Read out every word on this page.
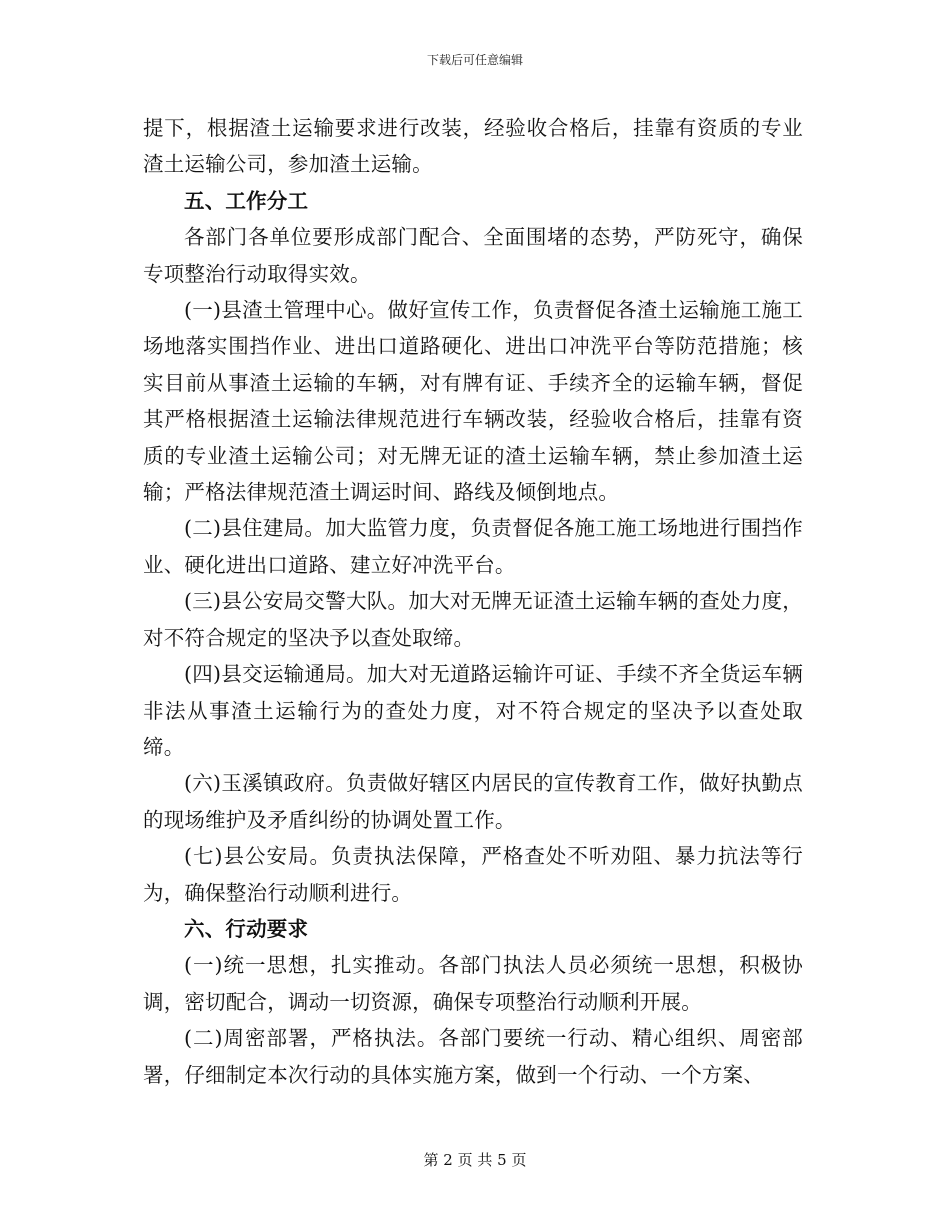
下载后可任意编辑

提下，根据渣土运输要求进行改装，经验收合格后，挂靠有资质的专业渣土运输公司，参加渣土运输。

五、工作分工

各部门各单位要形成部门配合、全面围堵的态势，严防死守，确保专项整治行动取得实效。

(一)县渣土管理中心。做好宣传工作，负责督促各渣土运输施工施工场地落实围挡作业、进出口道路硬化、进出口冲洗平台等防范措施；核实目前从事渣土运输的车辆，对有牌有证、手续齐全的运输车辆，督促其严格根据渣土运输法律规范进行车辆改装，经验收合格后，挂靠有资质的专业渣土运输公司；对无牌无证的渣土运输车辆，禁止参加渣土运输；严格法律规范渣土调运时间、路线及倾倒地点。

(二)县住建局。加大监管力度，负责督促各施工施工场地进行围挡作业、硬化进出口道路、建立好冲洗平台。

(三)县公安局交警大队。加大对无牌无证渣土运输车辆的查处力度，对不符合规定的坚决予以查处取缔。

(四)县交运输通局。加大对无道路运输许可证、手续不齐全货运车辆非法从事渣土运输行为的查处力度，对不符合规定的坚决予以查处取缔。

(六)玉溪镇政府。负责做好辖区内居民的宣传教育工作，做好执勤点的现场维护及矛盾纠纷的协调处置工作。

(七)县公安局。负责执法保障，严格查处不听劝阻、暴力抗法等行为，确保整治行动顺利进行。

六、行动要求

(一)统一思想，扎实推动。各部门执法人员必须统一思想，积极协调，密切配合，调动一切资源，确保专项整治行动顺利开展。

(二)周密部署，严格执法。各部门要统一行动、精心组织、周密部署，仔细制定本次行动的具体实施方案，做到一个行动、一个方案、

第 2 页 共 5 页
